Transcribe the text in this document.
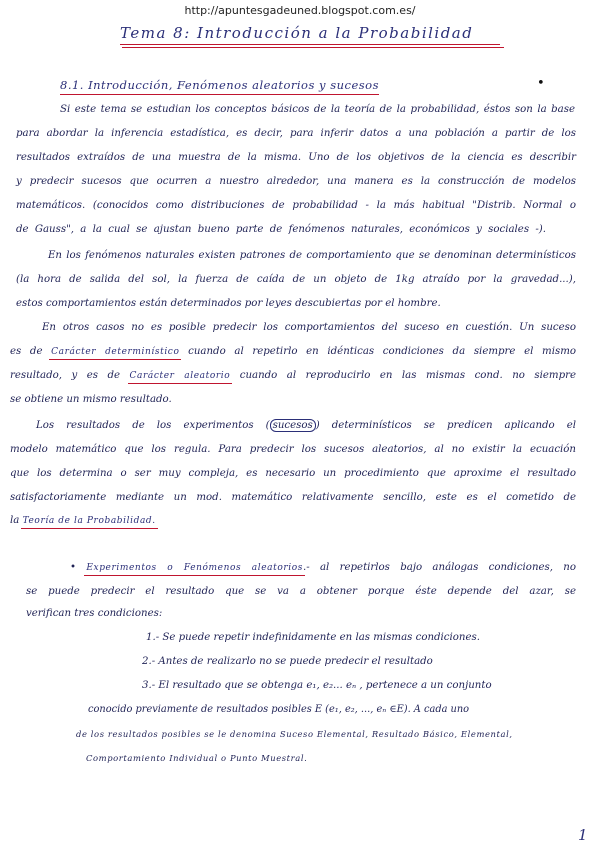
http://apuntesgadeuned.blogspot.com.es/
Tema 8: Introducción a la Probabilidad
8.1. Introducción, Fenómenos aleatorios y sucesos	•
Si este tema se estudian los conceptos básicos de la teoría de la probabilidad, éstos son la base
para abordar la inferencia estadística, es decir, para inferir datos a una población a partir de los
resultados extraídos de una muestra de la misma. Uno de los objetivos de la ciencia es describir
y predecir sucesos que ocurren a nuestro alrededor, una manera es la construcción de modelos
matemáticos. (conocidos como distribuciones de probabilidad - la más habitual "Distrib. Normal o
de Gauss", a la cual se ajustan bueno parte de fenómenos naturales, económicos y sociales -).
En los fenómenos naturales existen patrones de comportamiento que se denominan determinísticos
(la hora de salida del sol, la fuerza de caída de un objeto de 1kg atraído por la gravedad...),
estos comportamientos están determinados por leyes descubiertas por el hombre.
En otros casos no es posible predecir los comportamientos del suceso en cuestión. Un suceso
es de Carácter determinístico cuando al repetirlo en idénticas condiciones da siempre el mismo
resultado, y es de Carácter aleatorio cuando al reproducirlo en las mismas cond. no siempre
se obtiene un mismo resultado.
Los resultados de los experimentos ( sucesos ) determinísticos se predicen aplicando el
modelo matemático que los regula. Para predecir los sucesos aleatorios, al no existir la ecuación
que los determina o ser muy compleja, es necesario un procedimiento que aproxime el resultado
satisfactoriamente mediante un mod. matemático relativamente sencillo, este es el cometido de
la Teoría de la Probabilidad.
• Experimentos o Fenómenos aleatorios.- al repetirlos bajo análogas condiciones, no
se puede predecir el resultado que se va a obtener porque éste depende del azar, se
verifican tres condiciones:
1.- Se puede repetir indefinidamente en las mismas condiciones.
2.- Antes de realizarlo no se puede predecir el resultado
3.- El resultado que se obtenga e₁, e₂... eₙ , pertenece a un conjunto
conocido previamente de resultados posibles E (e₁, e₂, ..., eₙ ∈E). A cada uno
de los resultados posibles se le denomina Suceso Elemental, Resultado Básico, Elemental,
Comportamiento Individual o Punto Muestral.
1
